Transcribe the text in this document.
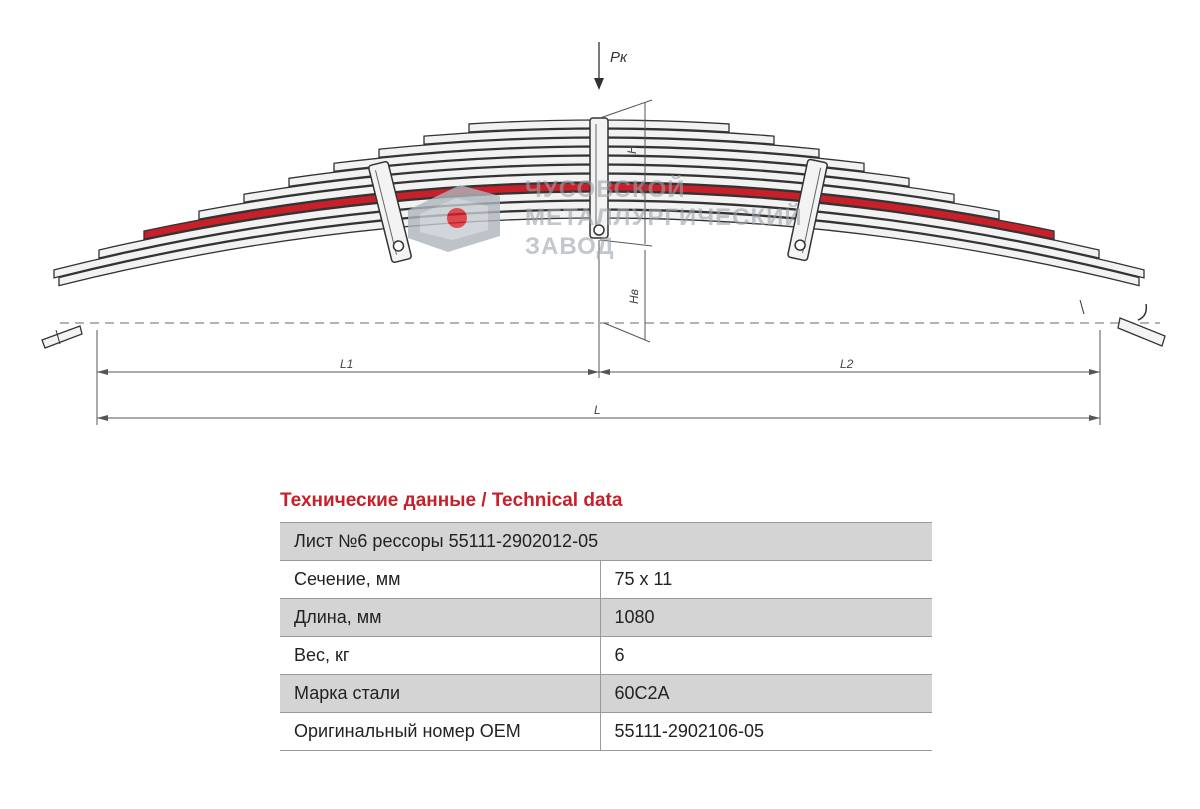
Pк
H
Hв
L1	L2
L
ЧУСОВСКОЙ
МЕТАЛЛУРГИЧЕСКИЙ
ЗАВОД
Технические данные / Technical data
Лист №6 рессоры 55111-2902012-05	
Сечение, мм	75 x 11
Длина, мм	1080
Вес, кг	6
Марка стали	60С2А
Оригинальный номер OEM	55111-2902106-05
